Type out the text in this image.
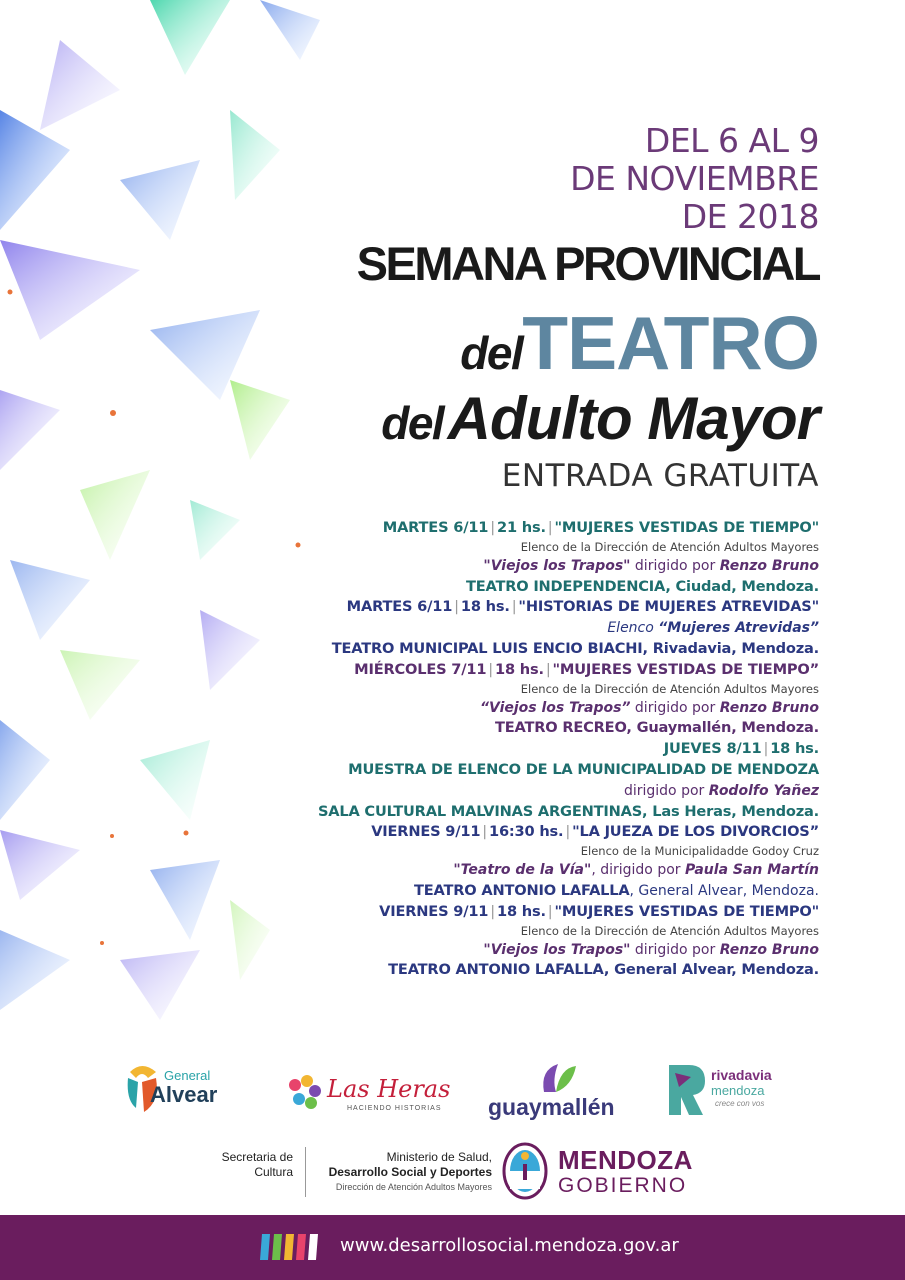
DEL 6 AL 9
DE NOVIEMBRE
DE 2018
SEMANA PROVINCIAL
delTEATRO
del Adulto Mayor
ENTRADA GRATUITA
MARTES 6/11 | 21 hs. | "MUJERES VESTIDAS DE TIEMPO"
Elenco de la Dirección de Atención Adultos Mayores
"Viejos los Trapos" dirigido por Renzo Bruno
TEATRO INDEPENDENCIA, Ciudad, Mendoza.
MARTES 6/11 | 18 hs. | "HISTORIAS DE MUJERES ATREVIDAS"
Elenco “Mujeres Atrevidas”
TEATRO MUNICIPAL LUIS ENCIO BIACHI, Rivadavia, Mendoza.
MIÉRCOLES 7/11 | 18 hs. | "MUJERES VESTIDAS DE TIEMPO”
Elenco de la Dirección de Atención Adultos Mayores
“Viejos los Trapos” dirigido por Renzo Bruno
TEATRO RECREO, Guaymallén, Mendoza.
JUEVES 8/11 | 18 hs.
MUESTRA DE ELENCO DE LA MUNICIPALIDAD DE MENDOZA
dirigido por Rodolfo Yañez
SALA CULTURAL MALVINAS ARGENTINAS, Las Heras, Mendoza.
VIERNES 9/11 | 16:30 hs. | "LA JUEZA DE LOS DIVORCIOS”
Elenco de la Municipalidadde Godoy Cruz
"Teatro de la Vía", dirigido por Paula San Martín
TEATRO ANTONIO LAFALLA, General Alvear, Mendoza.
VIERNES 9/11 | 18 hs. | "MUJERES VESTIDAS DE TIEMPO"
Elenco de la Dirección de Atención Adultos Mayores
"Viejos los Trapos" dirigido por Renzo Bruno
TEATRO ANTONIO LAFALLA, General Alvear, Mendoza.
General
Alvear	Las Heras
HACIENDO HISTORIAS guaymallén
rivadavia
mendoza
crece con vos
Secretaria de
Cultura
Ministerio de Salud,
Desarrollo Social y Deportes
Dirección de Atención Adultos Mayores
MENDOZA
GOBIERNO
www.desarrollosocial.mendoza.gov.ar
